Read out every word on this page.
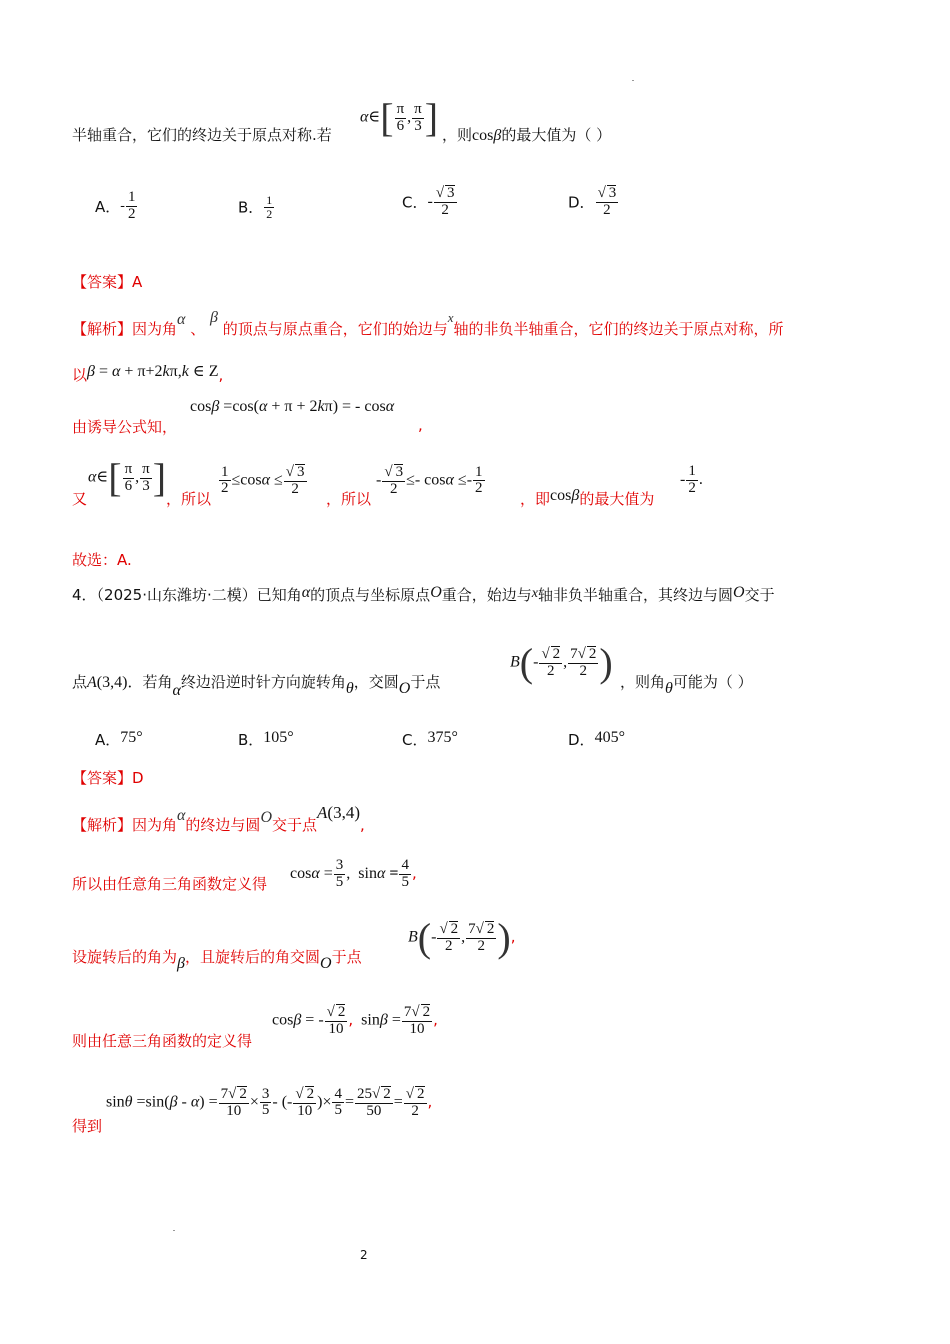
半轴重合，它们的终边关于原点对称.若
α∈[ $\frac{\pi}{6}$ , $\frac{\pi}{3}$ ] ，则cosβ的最大值为（ ）
A．- $\frac{1}{2}$	B． $\frac{1}{2}$	C．- $\frac{√ 3}{2}$	D． $\frac{√ 3}{2}$
【答案】A
【解析】因为角α 、 β 的顶点与原点重合，它们的始边与x轴的非负半轴重合，它们的终边关于原点对称，所
以β = α + π+2kπ,k ∈ Z,
cosβ =cos(α + π + 2kπ) = - cosα
由诱导公式知，	,
又
α∈[ $\frac{\pi}{6}$ , $\frac{\pi}{3}$ ] ，所以
$\frac{1}{2} \le\cos\alpha \le \frac{√ 3}{2}$
，所以
- $\frac{√ 3}{2} \le- \cos\alpha \le- \frac{1}{2}$
，即cosβ的最大值为
- $\frac{1}{2}$ .
故选：A.
4．（2025·山东潍坊·二模）已知角α的顶点与坐标原点O重合，始边与x轴非负半轴重合，其终边与圆O交于
点A(3,4)．若角α终边沿逆时针方向旋转角θ，交圆O于点
$B(- \frac{√ 2}{2}$ , $\frac{7√ 2}{2}$ ) ，则角θ可能为（ ）
A．75°	B．105°	C．375°	D．405°
【答案】D
【解析】因为角α的终边与圆O交于点A(3,4),
所以由任意角三角函数定义得
$\cos\alpha = \frac{3}{5}$ ,  $\sin\alpha = \frac{4}{5}$ ,
设旋转后的角为β，且旋转后的角交圆O于点
$B(- \frac{√ 2}{2}$ , $\frac{7√ 2}{2}$ ),
则由任意三角函数的定义得
cosβ = - $\frac{√ 2}{10}$ ,  $\sin\beta = \frac{7√ 2}{10}$ ,
得到
$\sin\theta =\sin(\beta - \alpha) = \frac{7√ 2}{10} \times \frac{3}{5}$ - (- $\frac{√ 2}{10}$ )× $\frac{4}{5} = \frac{25√ 2}{50} = \frac{√ 2}{2}$ ,
2
